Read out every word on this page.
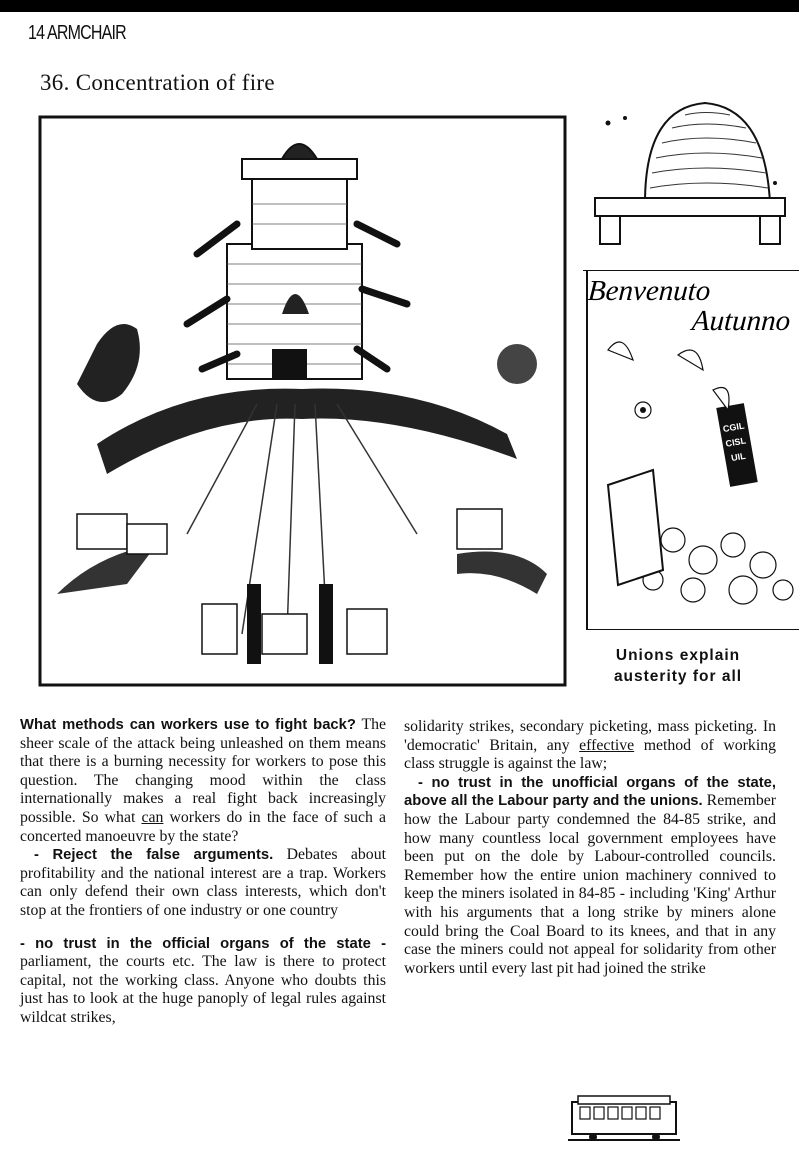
14 ARMCHAIR
36. Concentration of fire
CGIL
CISL
UIL
Benvenuto
Autunno
Unions explain austerity for all

What methods can workers use to fight back? The sheer scale of the attack being unleashed on them means that there is a burning necessity for workers to pose this question. The changing mood within the class internationally makes a real fight back increasingly possible. So what can workers do in the face of such a concerted manoeuvre by the state?

- Reject the false arguments. Debates about profitability and the national interest are a trap. Workers can only defend their own class interests, which don't stop at the frontiers of one industry or one country

- no trust in the official organs of the state - parliament, the courts etc. The law is there to protect capital, not the working class. Anyone who doubts this just has to look at the huge panoply of legal rules against wildcat strikes,

solidarity strikes, secondary picketing, mass picketing. In 'democratic' Britain, any effective method of working class struggle is against the law;

- no trust in the unofficial organs of the state, above all the Labour party and the unions. Remember how the Labour party condemned the 84-85 strike, and how many countless local government employees have been put on the dole by Labour-controlled councils. Remember how the entire union machinery connived to keep the miners isolated in 84-85 - including 'King' Arthur with his arguments that a long strike by miners alone could bring the Coal Board to its knees, and that in any case the miners could not appeal for solidarity from other workers until every last pit had joined the strike
